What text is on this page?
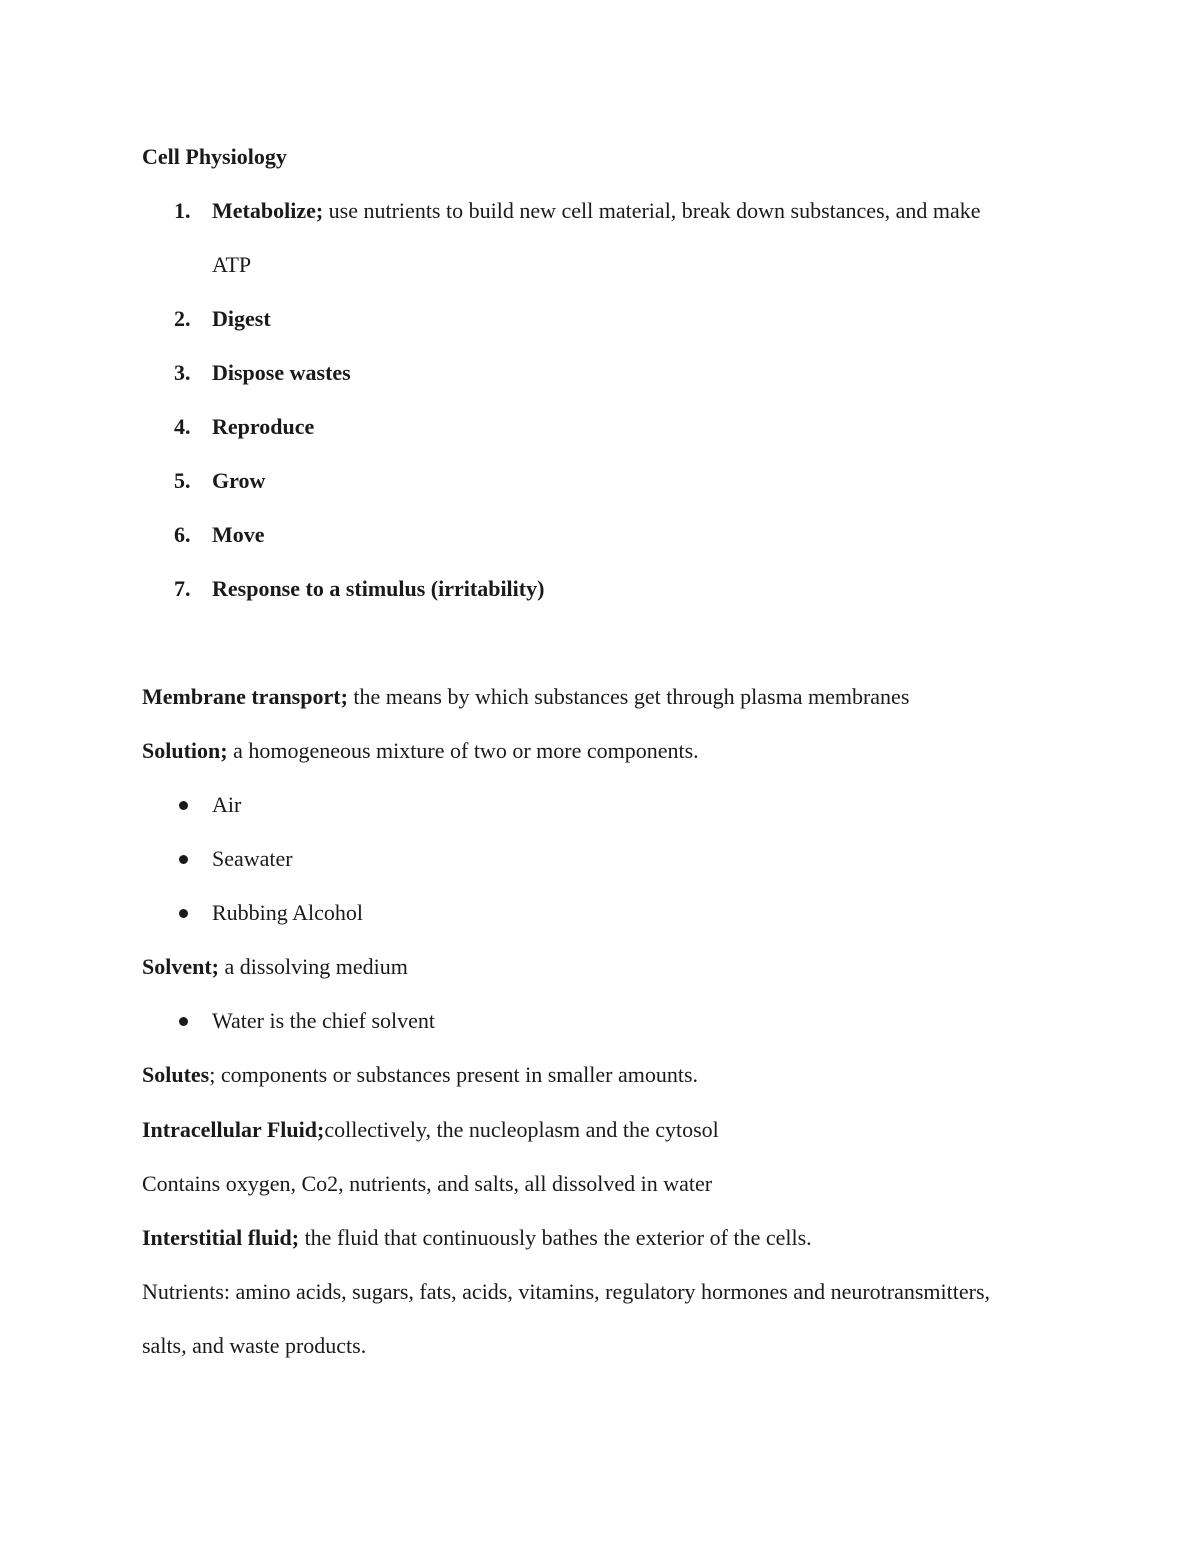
Cell Physiology
1. Metabolize; use nutrients to build new cell material, break down substances, and make
ATP
2. Digest
3. Dispose wastes
4. Reproduce
5. Grow
6. Move
7. Response to a stimulus (irritability)
Membrane transport; the means by which substances get through plasma membranes
Solution; a homogeneous mixture of two or more components.
Air
Seawater
Rubbing Alcohol
Solvent; a dissolving medium
Water is the chief solvent
Solutes; components or substances present in smaller amounts.
Intracellular Fluid;collectively, the nucleoplasm and the cytosol
Contains oxygen, Co2, nutrients, and salts, all dissolved in water
Interstitial fluid; the fluid that continuously bathes the exterior of the cells.
Nutrients: amino acids, sugars, fats, acids, vitamins, regulatory hormones and neurotransmitters,
salts, and waste products.
